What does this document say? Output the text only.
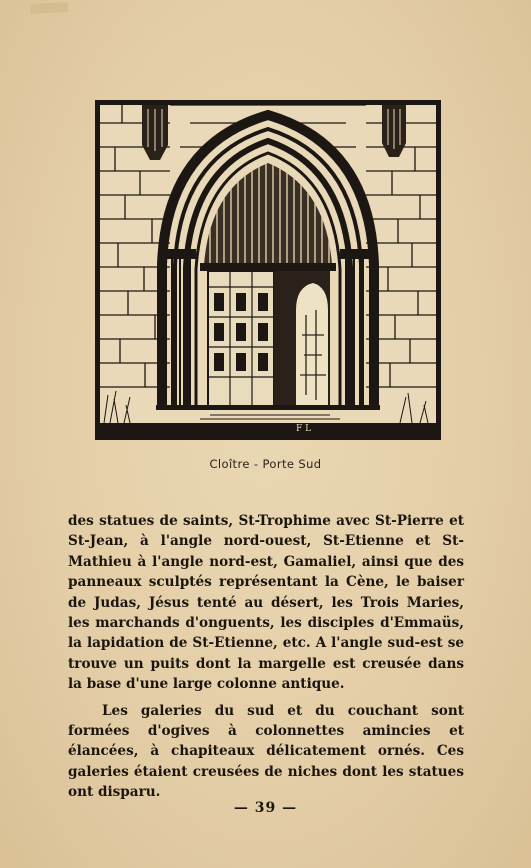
F L
Cloître - Porte Sud

des statues de saints, St-Trophime avec St-Pierre et St-Jean, à l'angle nord-ouest, St-Etienne et St-Mathieu à l'angle nord-est, Gamaliel, ainsi que des panneaux sculptés représentant la Cène, le baiser de Judas, Jésus tenté au désert, les Trois Maries, les marchands d'onguents, les disciples d'Emmaüs, la lapidation de St-Etienne, etc. A l'angle sud-est se trouve un puits dont la margelle est creusée dans la base d'une large colonne antique.

Les galeries du sud et du couchant sont formées d'ogives à colonnettes amincies et élancées, à chapiteaux délicatement ornés. Ces galeries étaient creusées de niches dont les statues ont disparu.

— 39 —
